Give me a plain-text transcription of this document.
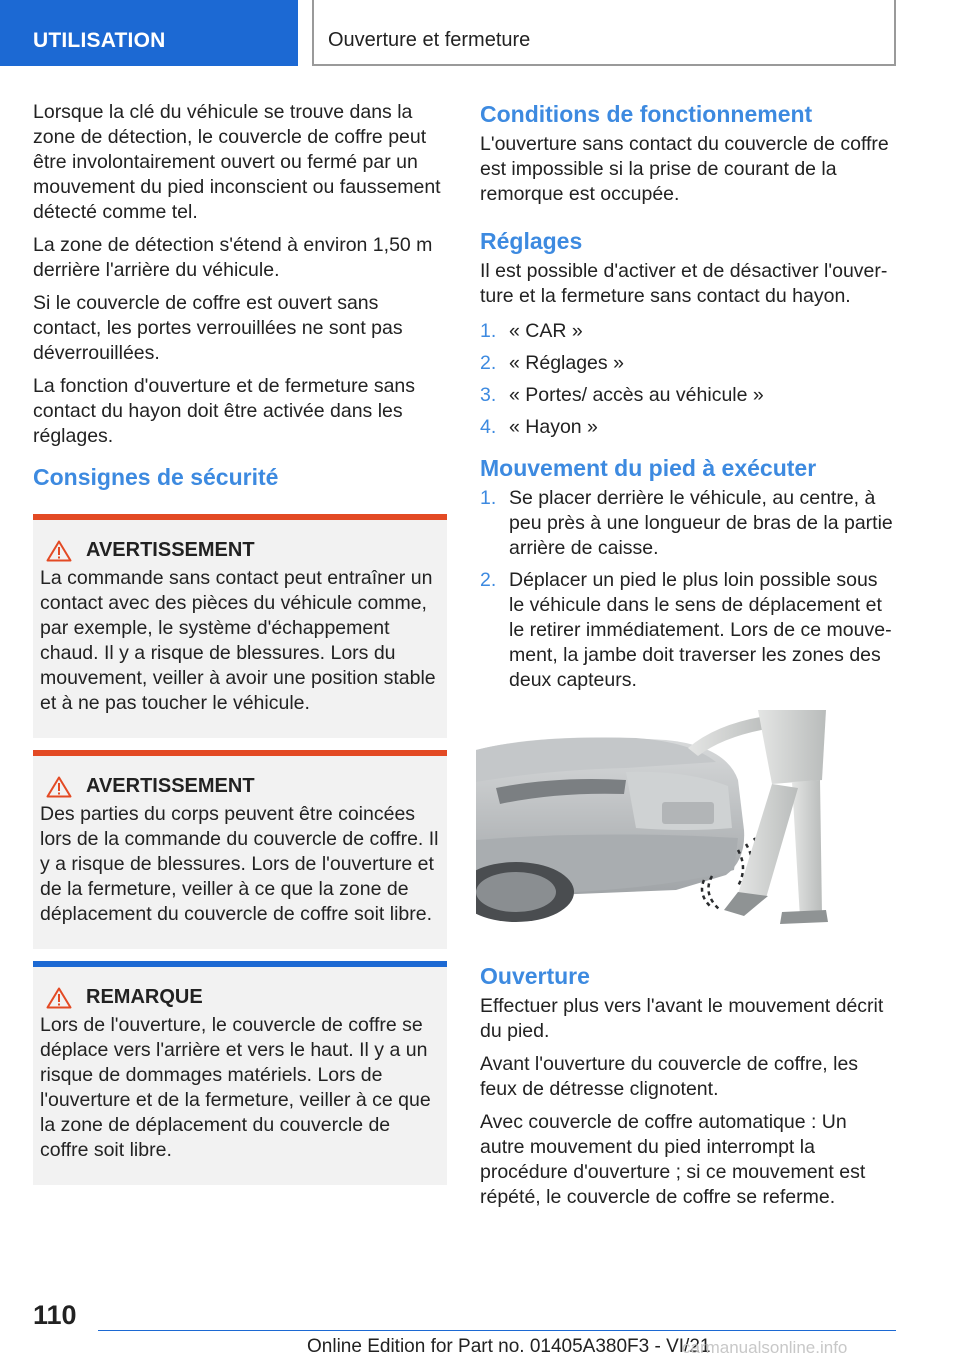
UTILISATION	Ouverture et fermeture

Lorsque la clé du véhicule se trouve dans la zone de détection, le couvercle de coffre peut être involontairement ouvert ou fermé par un mouvement du pied inconscient ou faussement détecté comme tel.

La zone de détection s'étend à environ 1,50 m derrière l'arrière du véhicule.

Si le couvercle de coffre est ouvert sans contact, les portes verrouillées ne sont pas déverrouillées.

La fonction d'ouverture et de fermeture sans contact du hayon doit être activée dans les réglages.

Consignes de sécurité
AVERTISSEMENT
La commande sans contact peut entraîner un contact avec des pièces du véhicule comme, par exemple, le système d'échappement chaud. Il y a risque de blessures. Lors du mouvement, veiller à avoir une position stable et à ne pas toucher le véhicule.
AVERTISSEMENT
Des parties du corps peuvent être coincées lors de la commande du couvercle de coffre. Il y a risque de blessures. Lors de l'ouverture et de la fermeture, veiller à ce que la zone de déplacement du couvercle de coffre soit libre.
REMARQUE
Lors de l'ouverture, le couvercle de coffre se déplace vers l'arrière et vers le haut. Il y a un risque de dommages matériels. Lors de l'ouverture et de la fermeture, veiller à ce que la zone de déplacement du couvercle de coffre soit libre.
Conditions de fonctionnement

L'ouverture sans contact du couvercle de coffre est impossible si la prise de courant de la remorque est occupée.

Réglages

Il est possible d'activer et de désactiver l'ouverture et la fermeture sans contact du hayon.

1. « CAR »
2. « Réglages »
3. « Portes/ accès au véhicule »
4. « Hayon »
Mouvement du pied à exécuter
1. Se placer derrière le véhicule, au centre, à peu près à une longueur de bras de la partie arrière de caisse.
2. Déplacer un pied le plus loin possible sous le véhicule dans le sens de déplacement et le retirer immédiatement. Lors de ce mouvement, la jambe doit traverser les zones des deux capteurs.
Ouverture

Effectuer plus vers l'avant le mouvement décrit du pied.

Avant l'ouverture du couvercle de coffre, les feux de détresse clignotent.

Avec couvercle de coffre automatique : Un autre mouvement du pied interrompt la procédure d'ouverture ; si ce mouvement est répété, le couvercle de coffre se referme.

110
Online Edition for Part no. 01405A380F3 - VI/21
carmanualsonline.info
